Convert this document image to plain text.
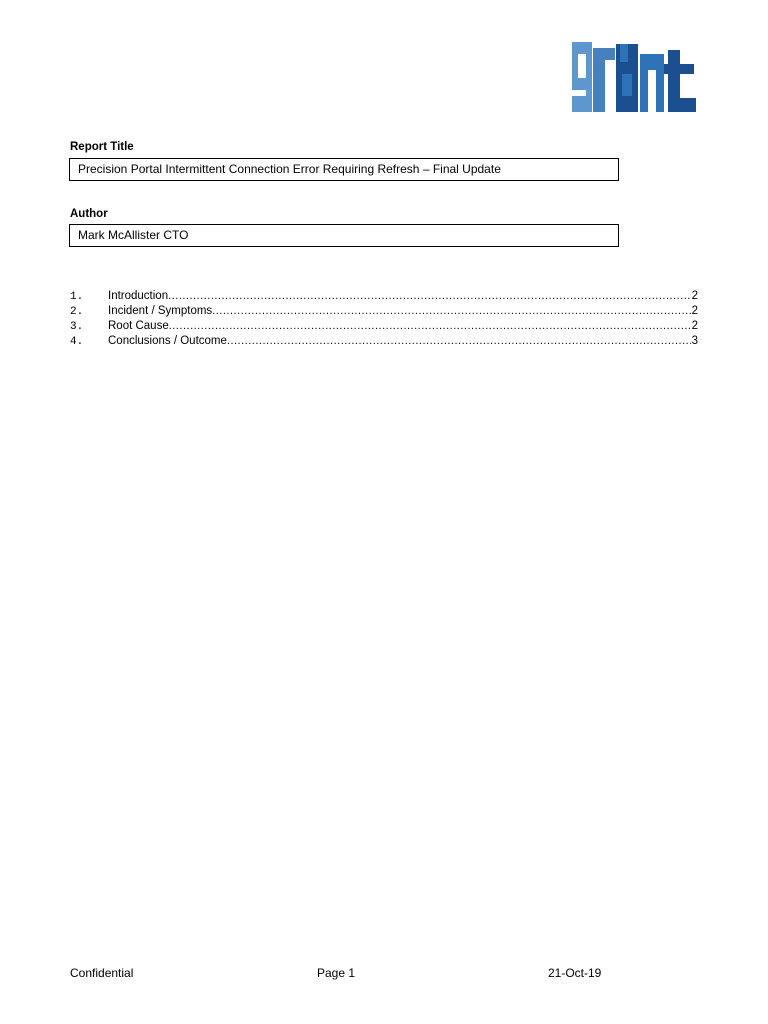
Report Title
Precision Portal Intermittent Connection Error Requiring Refresh – Final Update
Author
Mark McAllister CTO
1.	Introduction .....	2
2.	Incident / Symptoms .....	2
3.	Root Cause .....	2
4.	Conclusions / Outcome .....	3
Confidential	Page 1	21-Oct-19
